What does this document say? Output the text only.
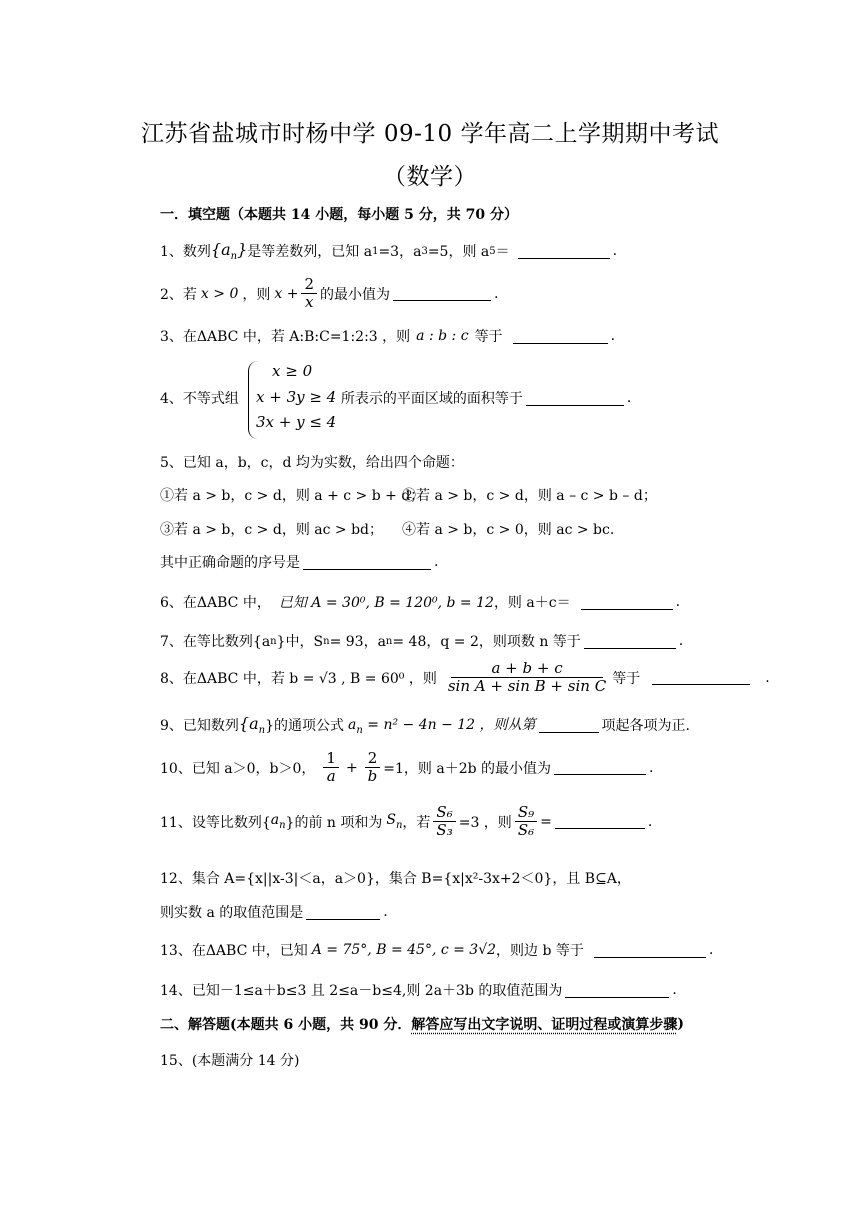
江苏省盐城市时杨中学 09-10 学年高二上学期期中考试
（数学）
一．填空题（本题共 14 小题，每小题 5 分，共 70 分）
1、数列 $\{a_n\}$ 是等差数列，已知 a 1 =3，a 3 =5，则 a 5 ＝	.
2、若 x > 0 ，则 $x + \frac{2}{x}$ 的最小值为	.
3、在ΔABC 中，若 A:B:C=1:2:3 ，则 a : b : c 等于	.
4、不等式组	所表示的平面区域的面积等于	.
x ≥ 0
x + 3y ≥ 4
3x + y ≤ 4
5、已知 a，b，c，d 均为实数，给出四个命题：
①若 a > b，c > d，则 a + c > b + d；
②若 a > b，c > d，则 a – c > b – d；
③若 a > b，c > d，则 ac > bd； ④若 a > b，c > 0，则 ac > bc.
其中正确命题的序号是	.
6、在ΔABC 中， 已知 A = 30⁰, B = 120⁰, b = 12 ，则 a＋c＝	.
7、在等比数列{a n }中，S n = 93，a n = 48，q = 2，则项数 n 等于	.
8、在ΔABC 中，若 b = √3 , B = 60⁰ ，则 $\frac{a + b + c}{\text{sin A + sin B + sin C}}$ 等于	.
9、已知数列 {$a_n$ }的通项公式 $a_n = n^2 - 4n - 12$ ，则从第	项起各项为正.
10、已知 a＞0，b＞0， $\frac{1}{a} + \frac{2}{b} =1$，则 a＋2b 的最小值为	.
11、设等比数列{ $a_n$ }的前 n 项和为 $S_n$ ，若 $\frac{\text{S₆}}{\text{S₃}} =3$ ，则 $\frac{\text{S₉}}{\text{S₆}}$ =	.
12、集合 A={x||x-3|＜a，a＞0}，集合 B={x|x²-3x+2＜0}，且 B⊆A，
则实数 a 的取值范围是	.
13、在ΔABC 中，已知 A = 75°, B = 45°, c = 3√2 ，则边 b 等于	.
14、已知－1≤a＋b≤3 且 2≤a－b≤4,则 2a＋3b 的取值范围为	.
二、解答题(本题共 6 小题，共 90 分． 解答应写出文字说明、证明过程或演算步骤 )
15、(本题满分 14 分)
